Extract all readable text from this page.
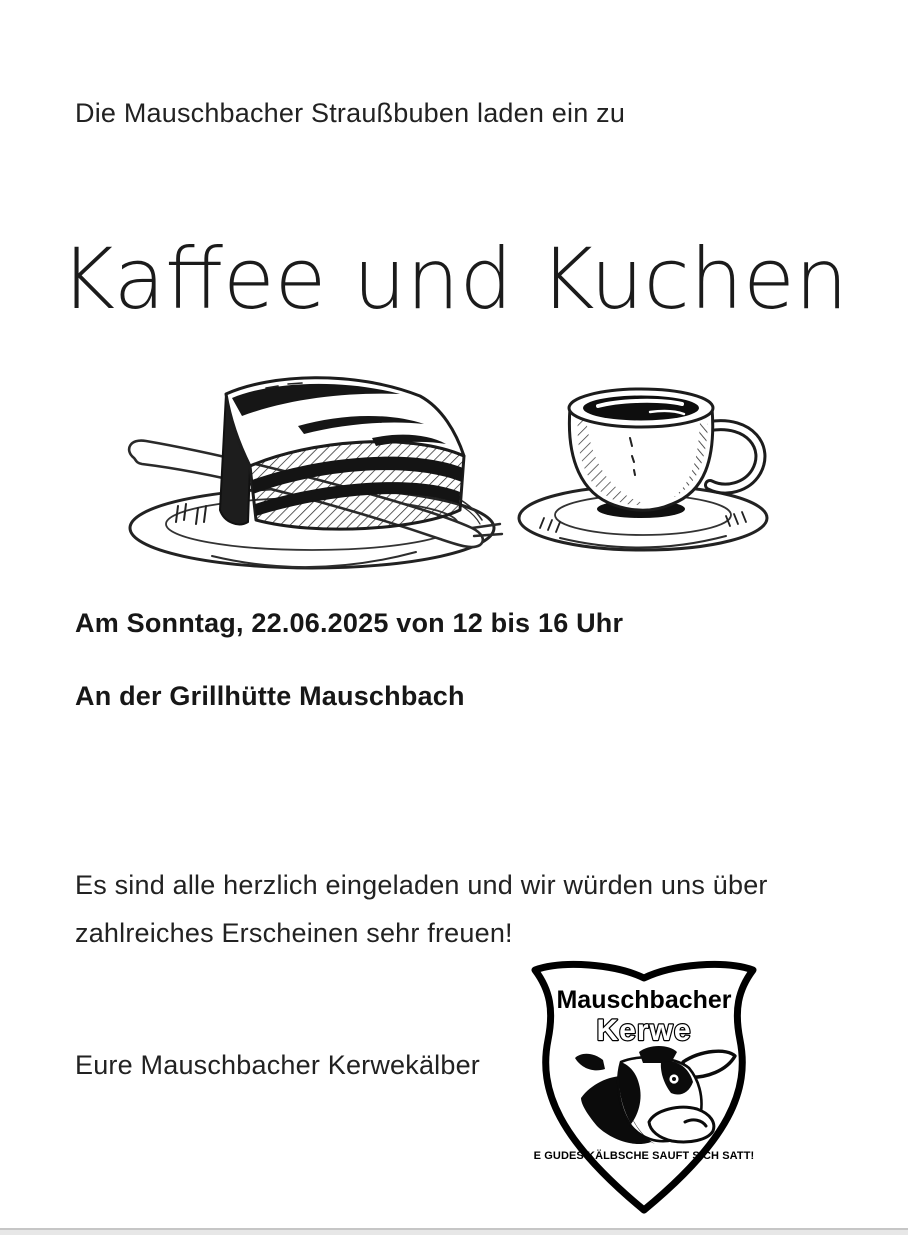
Die Mauschbacher Straußbuben laden ein zu
Kaffee und Kuchen
Am Sonntag, 22.06.2025 von 12 bis 16 Uhr
An der Grillhütte Mauschbach
Es sind alle herzlich eingeladen und wir würden uns über
zahlreiches Erscheinen sehr freuen!
Eure Mauschbacher Kerwekälber
Mauschbacher
Kerwe
E GUDES KÄLBSCHE SAUFT SICH SATT!
